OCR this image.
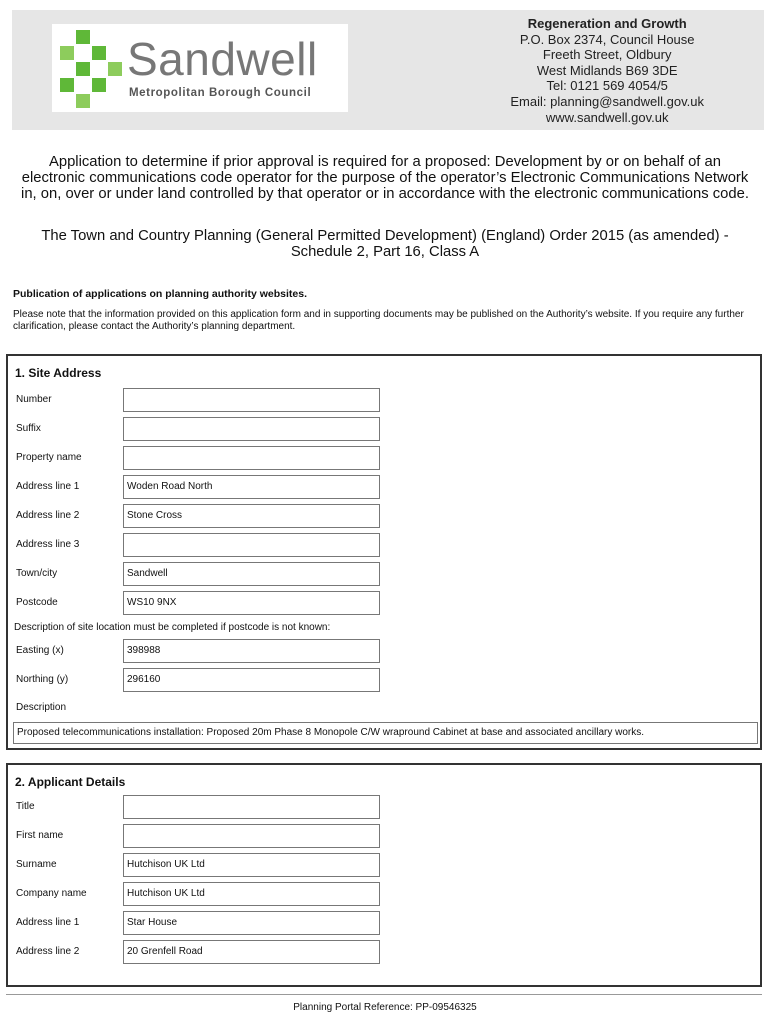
Sandwell
Metropolitan Borough Council
Regeneration and Growth
P.O. Box 2374, Council House
Freeth Street, Oldbury
West Midlands B69 3DE
Tel: 0121 569 4054/5
Email: planning@sandwell.gov.uk
www.sandwell.gov.uk
Application to determine if prior approval is required for a proposed: Development by or on behalf of an electronic communications code operator for the purpose of the operator’s Electronic Communications Network in, on, over or under land controlled by that operator or in accordance with the electronic communications code.
The Town and Country Planning (General Permitted Development) (England) Order 2015 (as amended) - Schedule 2, Part 16, Class A
Publication of applications on planning authority websites.
Please note that the information provided on this application form and in supporting documents may be published on the Authority’s website. If you require any further clarification, please contact the Authority’s planning department.
1. Site Address
Number
Suffix
Property name
Address line 1	Woden Road North
Address line 2	Stone Cross
Address line 3
Town/city	Sandwell
Postcode	WS10 9NX
Description of site location must be completed if postcode is not known:
Easting (x)	398988
Northing (y)	296160
Description
Proposed telecommunications installation: Proposed 20m Phase 8 Monopole C/W wrapround Cabinet at base and associated ancillary works.
2. Applicant Details
Title
First name
Surname	Hutchison UK Ltd
Company name	Hutchison UK Ltd
Address line 1	Star House
Address line 2	20 Grenfell Road
Planning Portal Reference: PP-09546325
